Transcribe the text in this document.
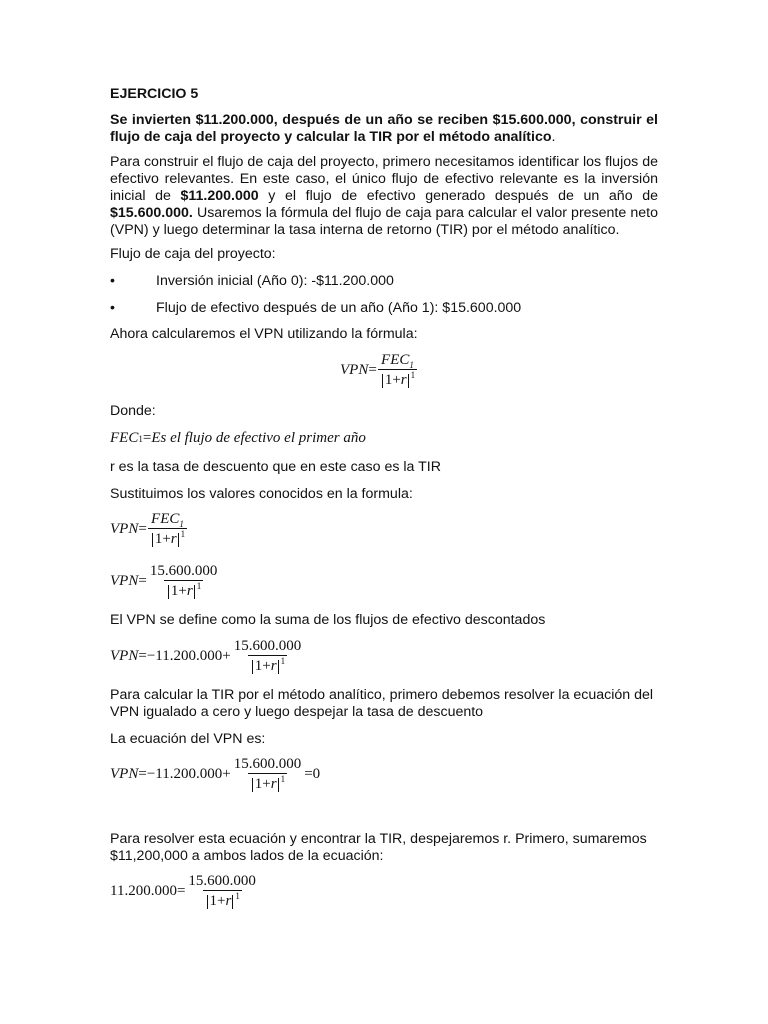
EJERCICIO 5

Se invierten $11.200.000, después de un año se reciben $15.600.000, construir el flujo de caja del proyecto y calcular la TIR por el método analítico.

Para construir el flujo de caja del proyecto, primero necesitamos identificar los flujos de efectivo relevantes. En este caso, el único flujo de efectivo relevante es la inversión inicial de $11.200.000 y el flujo de efectivo generado después de un año de $15.600.000. Usaremos la fórmula del flujo de caja para calcular el valor presente neto (VPN) y luego determinar la tasa interna de retorno (TIR) por el método analítico.

Flujo de caja del proyecto:

•	Inversión inicial (Año 0): -$11.200.000
•	Flujo de efectivo después de un año (Año 1): $15.600.000

Ahora calcularemos el VPN utilizando la fórmula:

VPN = $\frac{FEC_1}{1+r ^1}$

Donde:

FEC 1 = Es el flujo de efectivo el primer año

r es la tasa de descuento que en este caso es la TIR

Sustituimos los valores conocidos en la formula:

VPN = $\frac{FEC_1}{1+r ^1}$
VPN = $\frac{15.600.000}{1+r ^1}$

El VPN se define como la suma de los flujos de efectivo descontados

VPN = − $11.200.000 + \frac{15.600.000}{1+r ^1}$

Para calcular la TIR por el método analítico, primero debemos resolver la ecuación del VPN igualado a cero y luego despejar la tasa de descuento

La ecuación del VPN es:

VPN = − $11.200.000 + \frac{15.600.000}{1+r ^1} = 0$

Para resolver esta ecuación y encontrar la TIR, despejaremos r. Primero, sumaremos $11,200,000 a ambos lados de la ecuación:

$11.200.000 = \frac{15.600.000}{1+r ^1}$
